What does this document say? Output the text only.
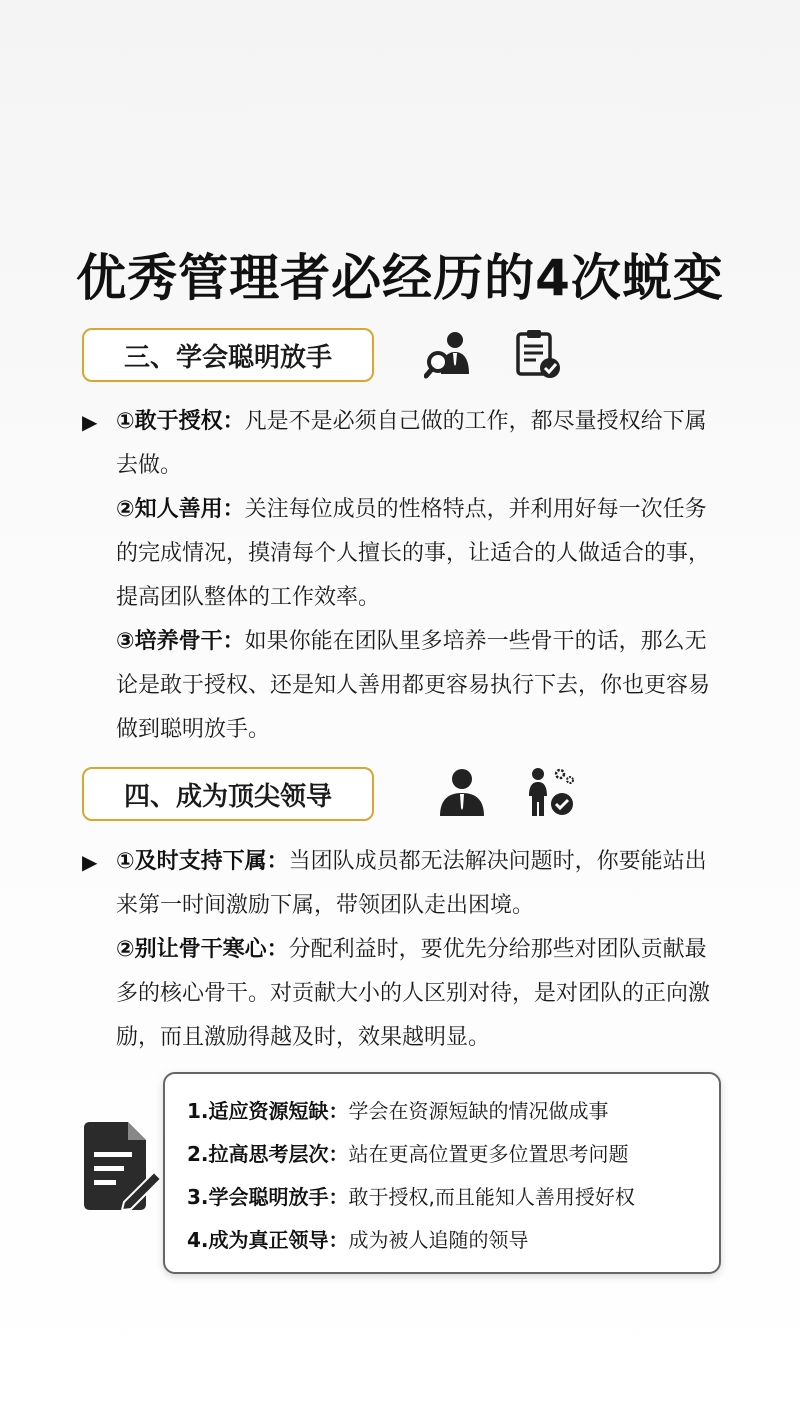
优秀管理者必经历的4次蜕变
三、学会聪明放手
▶ ①敢于授权：凡是不是必须自己做的工作，都尽量授权给下属去做。

②知人善用：关注每位成员的性格特点，并利用好每一次任务的完成情况，摸清每个人擅长的事，让适合的人做适合的事，提高团队整体的工作效率。

③培养骨干：如果你能在团队里多培养一些骨干的话，那么无论是敢于授权、还是知人善用都更容易执行下去，你也更容易做到聪明放手。

四、成为顶尖领导
▶ ①及时支持下属：当团队成员都无法解决问题时，你要能站出来第一时间激励下属，带领团队走出困境。

②别让骨干寒心：分配利益时，要优先分给那些对团队贡献最多的核心骨干。对贡献大小的人区别对待，是对团队的正向激励，而且激励得越及时，效果越明显。

1.适应资源短缺：学会在资源短缺的情况做成事
2.拉高思考层次：站在更高位置更多位置思考问题
3.学会聪明放手：敢于授权,而且能知人善用授好权
4.成为真正领导：成为被人追随的领导
